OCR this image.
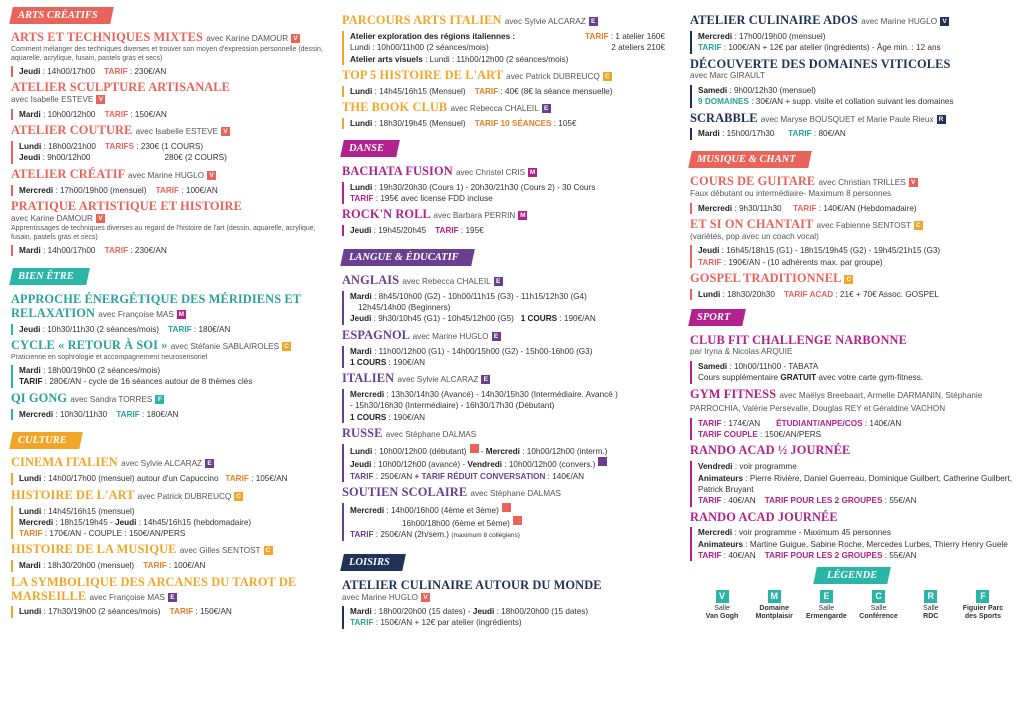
ARTS CRÉATIFS
ARTS ET TECHNIQUES MIXTES avec Karine DAMOUR V
Comment mélanger des techniques diverses et trouver son moyen d'expression personnelle (dessin, aquarelle, acrylique, fusain, pastels gras et secs)
Jeudi : 14h00/17h00 TARIF : 230€/AN
ATELIER SCULPTURE ARTISANALE
avec Isabelle ESTEVE V
Mardi : 10h00/12h00 TARIF : 150€/AN
ATELIER COUTURE avec Isabelle ESTEVE V
Lundi : 18h00/21h00 TARIFS : 230€ (1 COURS)
Jeudi : 9h00/12h00	280€ (2 COURS)
ATELIER CRÉATIF avec Marine HUGLO V
Mercredi : 17h00/19h00 (mensuel) TARIF : 100€/AN
PRATIQUE ARTISTIQUE ET HISTOIRE
avec Karine DAMOUR V
Apprentissages de techniques diverses au regard de l'histoire de l'art (dessin, aquarelle, acrylique, fusain, pastels gras et secs)
Mardi : 14h00/17h00 TARIF : 230€/AN
BIEN ÊTRE
APPROCHE ÉNERGÉTIQUE DES MÉRIDIENS ET RELAXATION avec Françoise MAS M
Jeudi : 10h30/11h30 (2 séances/mois) TARIF : 180€/AN
CYCLE « RETOUR À SOI » avec Stéfanie SABLAIROLES C
Praticienne en sophrologie et accompagnement neurosensoriel
Mardi : 18h00/19h00 (2 séances/mois)
TARIF : 280€/AN - cycle de 16 séances autour de 8 thèmes clés
QI GONG avec Sandra TORRES F
Mercredi : 10h30/11h30 TARIF : 180€/AN
CULTURE
CINEMA ITALIEN avec Sylvie ALCARAZ E
Lundi : 14h00/17h00 (mensuel) autour d'un Capuccino TARIF : 105€/AN
HISTOIRE DE L'ART avec Patrick DUBREUCQ C
Lundi : 14h45/16h15 (mensuel)
Mercredi : 18h15/19h45 - Jeudi : 14h45/16h15 (hebdomadaire)
TARIF : 170€/AN - COUPLE : 150€/AN/PERS
HISTOIRE DE LA MUSIQUE avec Gilles SENTOST C
Mardi : 18h30/20h00 (mensuel) TARIF : 100€/AN
LA SYMBOLIQUE DES ARCANES DU TAROT DE MARSEILLE avec Françoise MAS E
Lundi : 17h30/19h00 (2 séances/mois) TARIF : 150€/AN
PARCOURS ARTS ITALIEN avec Sylvie ALCARAZ E
Atelier exploration des régions italiennes :	TARIF : 1 atelier 160€
Lundi : 10h00/11h00 (2 séances/mois)	2 ateliers 210€
Atelier arts visuels : Lundi : 11h00/12h00 (2 séances/mois)
TOP 5 HISTOIRE DE L'ART avec Patrick DUBREUCQ C
Lundi : 14h45/16h15 (Mensuel) TARIF : 40€ (8€ la séance mensuelle)
THE BOOK CLUB avec Rebecca CHALEIL E
Lundi : 18h30/19h45 (Mensuel) TARIF 10 SÉANCES : 105€
DANSE
BACHATA FUSION avec Christel CRIS M
Lundi : 19h30/20h30 (Cours 1) - 20h30/21h30 (Cours 2) - 30 Cours
TARIF : 195€ avec license FDD incluse
ROCK'N ROLL avec Barbara PERRIN M
Jeudi : 19h45/20h45 TARIF : 195€
LANGUE & ÉDUCATIF
ANGLAIS avec Rebecca CHALEIL E
Mardi : 8h45/10h00 (G2) - 10h00/11h15 (G3) - 11h15/12h30 (G4)
12h45/14h00 (Beginners)
Jeudi : 9h30/10h45 (G1) - 10h45/12h00 (G5) 1 COURS : 190€/AN
ESPAGNOL avec Marine HUGLO E
Mardi : 11h00/12h00 (G1) - 14h00/15h00 (G2) - 15h00-16h00 (G3)
1 COURS : 190€/AN
ITALIEN avec Sylvie ALCARAZ E
Mercredi : 13h30/14h30 (Avancé) - 14h30/15h30 (Intermédiaire. Avancé )
- 15h30/16h30 (Intermédiaire) - 16h30/17h30 (Débutant)
1 COURS : 190€/AN
RUSSE avec Stéphane DALMAS
Lundi : 10h00/12h00 (débutant) - Mercredi : 10h00/12h00 (interm.)
Jeudi : 10h00/12h00 (avancé) - Vendredi : 10h00/12h00 (convers.)
TARIF : 250€/AN + TARIF RÉDUIT CONVERSATION : 140€/AN
SOUTIEN SCOLAIRE avec Stéphane DALMAS
Mercredi : 14h00/16h00 (4ème et 3ème)
16h00/18h00 (6ème et 5ème)
TARIF : 250€/AN (2h/sem.) (maximum 8 collégiens)
LOISIRS
ATELIER CULINAIRE AUTOUR DU MONDE
avec Marine HUGLO V
Mardi : 18h00/20h00 (15 dates) - Jeudi : 18h00/20h00 (15 dates)
TARIF : 150€/AN + 12€ par atelier (ingrédients)
ATELIER CULINAIRE ADOS avec Marine HUGLO V
Mercredi : 17h00/19h00 (mensuel)
TARIF : 100€/AN + 12€ par atelier (ingrédients) - Âge min. : 12 ans
DÉCOUVERTE DES DOMAINES VITICOLES
avec Marc GIRAULT
Samedi : 9h00/12h30 (mensuel)
9 DOMAINES : 30€/AN + supp. visite et collation suivant les domaines
SCRABBLE avec Maryse BOUSQUET et Marie Paule Rieux R
Mardi : 15h00/17h30 TARIF : 80€/AN
MUSIQUE & CHANT
COURS DE GUITARE avec Christian TRILLES V
Faux débutant ou intermédiaire- Maximum 8 personnes
Mercredi : 9h30/11h30 TARIF : 140€/AN (Hebdomadaire)
ET SI ON CHANTAIT avec Fabienne SENTOST C
(variétés, pop avec un coach vocal)
Jeudi : 16h45/18h15 (G1) - 18h15/19h45 (G2) - 19h45/21h15 (G3)
TARIF : 190€/AN - (10 adhérents max. par groupe)
GOSPEL TRADITIONNEL C
Lundi : 18h30/20h30 TARIF ACAD : 21€ + 70€ Assoc. GOSPEL
SPORT
CLUB FIT CHALLENGE NARBONNE
par Iryna & Nicolas ARQUIE
Samedi : 10h00/11h00 - TABATA
Cours supplémentaire GRATUIT avec votre carte gym-fitness.
GYM FITNESS avec Maëlys Breebaart, Armelle DARMANIN, Stéphanie PARROCHIA, Valérie Persevalle, Douglas REY et Géraldine VACHON
TARIF : 174€/AN ÉTUDIANT/ANPE/COS : 140€/AN
TARIF COUPLE : 150€/AN/PERS
RANDO ACAD ½ JOURNÉE
Vendredi : voir programme
Animateurs : Pierre Rivière, Daniel Guerreau, Dominique Guilbert, Catherine Guilbert, Patrick Bruyant
TARIF : 40€/AN TARIF POUR LES 2 GROUPES : 55€/AN
RANDO ACAD JOURNÉE
Mercredi : voir programme - Maximum 45 personnes
Animateurs : Martine Guigue, Sabine Roche, Mercedes Lurbes, Thierry Henry Guele
TARIF : 40€/AN TARIF POUR LES 2 GROUPES : 55€/AN
LÉGENDE
V
Salle
Van Gogh
M
Domaine
Montplaisir
E
Salle
Ermengarde
C
Salle
Conférence
R
Salle
RDC
F
Figuier Parc
des Sports
